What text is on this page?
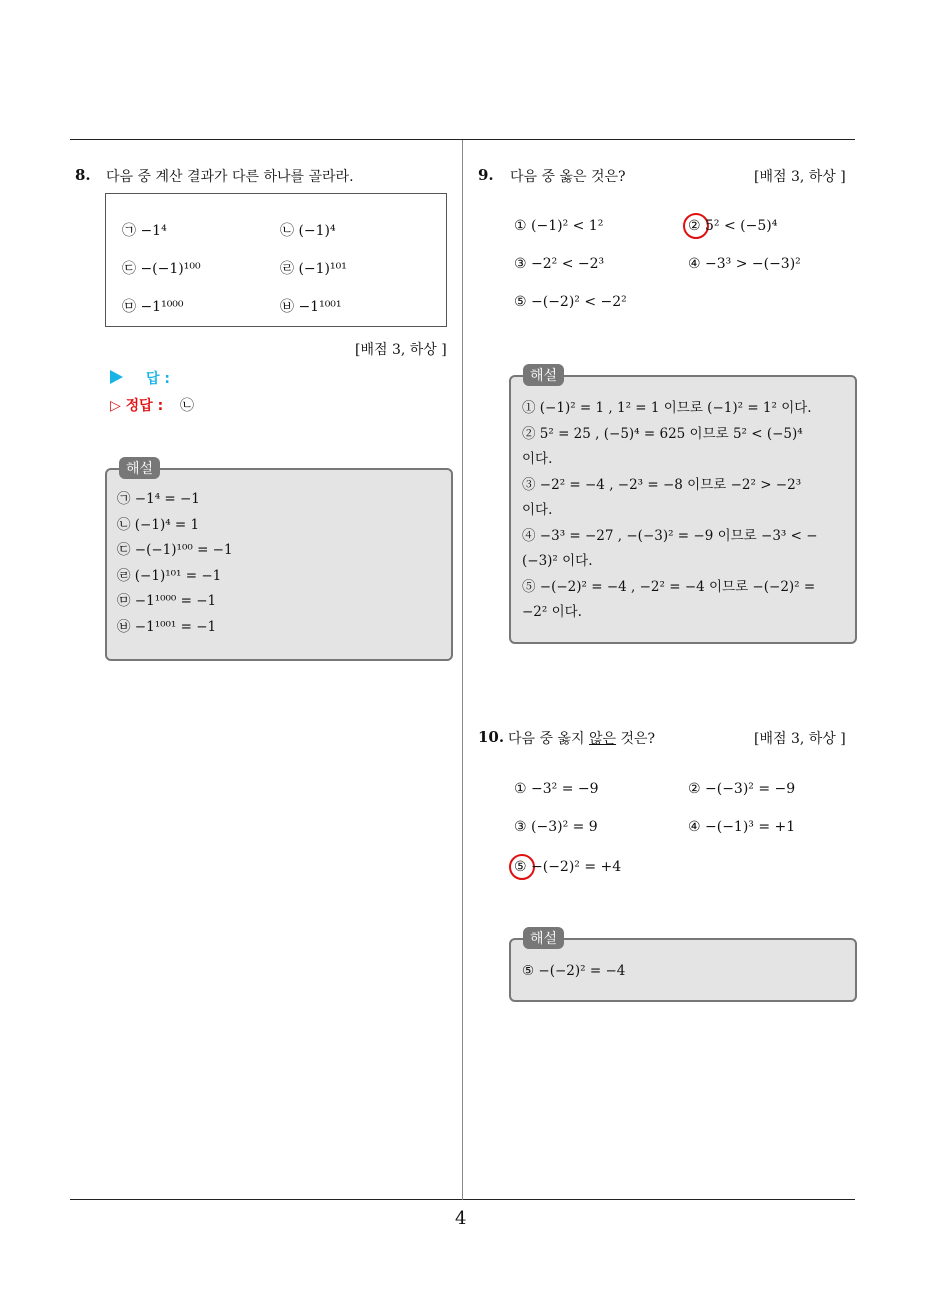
8. 다음 중 계산 결과가 다른 하나를 골라라.
㉠ −1⁴	㉡ (−1)⁴
㉢ −(−1)¹⁰⁰	㉣ (−1)¹⁰¹
㉤ −1¹⁰⁰⁰	㉥ −1¹⁰⁰¹
[배점 3, 하상 ]
답 :
▷ 정답 : ㉡
해설
㉠ −1⁴ = −1
㉡ (−1)⁴ = 1
㉢ −(−1)¹⁰⁰ = −1
㉣ (−1)¹⁰¹ = −1
㉤ −1¹⁰⁰⁰ = −1
㉥ −1¹⁰⁰¹ = −1
9. 다음 중 옳은 것은?	[배점 3, 하상 ]
① (−1)² < 1²	② 5² < (−5)⁴
③ −2² < −2³	④ −3³ > −(−3)²
⑤ −(−2)² < −2²
해설
① (−1)² = 1 , 1² = 1 이므로 (−1)² = 1² 이다.
② 5² = 25 , (−5)⁴ = 625 이므로 5² < (−5)⁴
이다.
③ −2² = −4 , −2³ = −8 이므로 −2² > −2³
이다.
④ −3³ = −27 , −(−3)² = −9 이므로 −3³ < −
(−3)² 이다.
⑤ −(−2)² = −4 , −2² = −4 이므로 −(−2)² =
−2² 이다.
10. 다음 중 옳지 않은 것은?	[배점 3, 하상 ]
① −3² = −9	② −(−3)² = −9
③ (−3)² = 9	④ −(−1)³ = +1
⑤ −(−2)² = +4
해설
⑤ −(−2)² = −4
4
